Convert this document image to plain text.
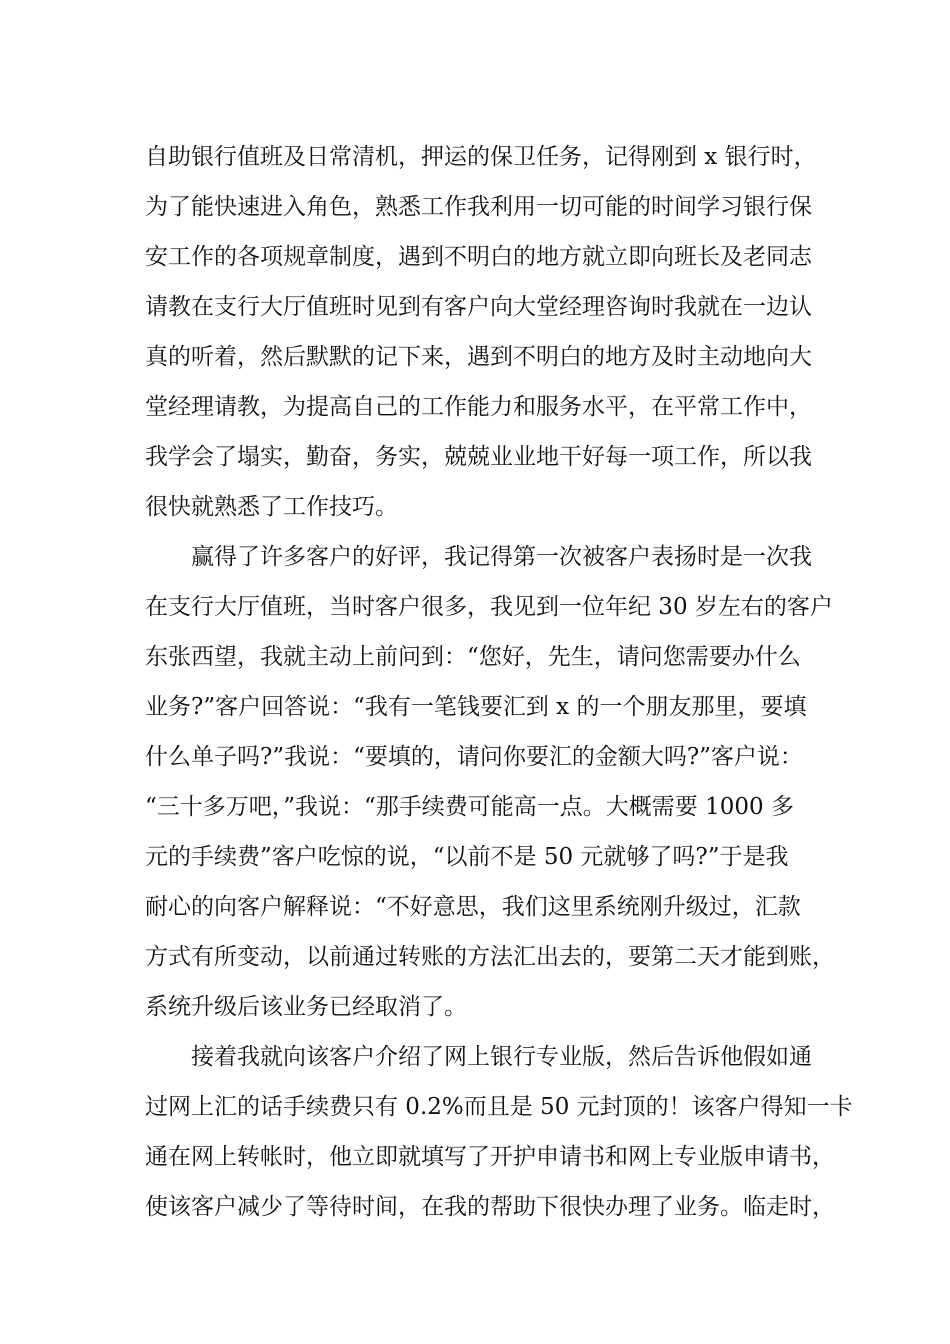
自助银行值班及日常清机，押运的保卫任务，记得刚到 x 银行时，
为了能快速进入角色，熟悉工作我利用一切可能的时间学习银行保
安工作的各项规章制度，遇到不明白的地方就立即向班长及老同志
请教在支行大厅值班时见到有客户向大堂经理咨询时我就在一边认
真的听着，然后默默的记下来，遇到不明白的地方及时主动地向大
堂经理请教，为提高自己的工作能力和服务水平，在平常工作中，
我学会了塌实，勤奋，务实，兢兢业业地干好每一项工作，所以我
很快就熟悉了工作技巧。
赢得了许多客户的好评，我记得第一次被客户表扬时是一次我
在支行大厅值班，当时客户很多，我见到一位年纪 30 岁左右的客户
东张西望，我就主动上前问到：“您好，先生，请问您需要办什么
业务?”客户回答说：“我有一笔钱要汇到 x 的一个朋友那里，要填
什么单子吗?”我说：“要填的，请问你要汇的金额大吗?”客户说：
“三十多万吧，”我说：“那手续费可能高一点。大概需要 1000 多
元的手续费”客户吃惊的说，“以前不是 50 元就够了吗?”于是我
耐心的向客户解释说：“不好意思，我们这里系统刚升级过，汇款
方式有所变动，以前通过转账的方法汇出去的，要第二天才能到账，
系统升级后该业务已经取消了。
接着我就向该客户介绍了网上银行专业版，然后告诉他假如通
过网上汇的话手续费只有 0.2%而且是 50 元封顶的！该客户得知一卡
通在网上转帐时，他立即就填写了开护申请书和网上专业版申请书，
使该客户减少了等待时间，在我的帮助下很快办理了业务。临走时，
